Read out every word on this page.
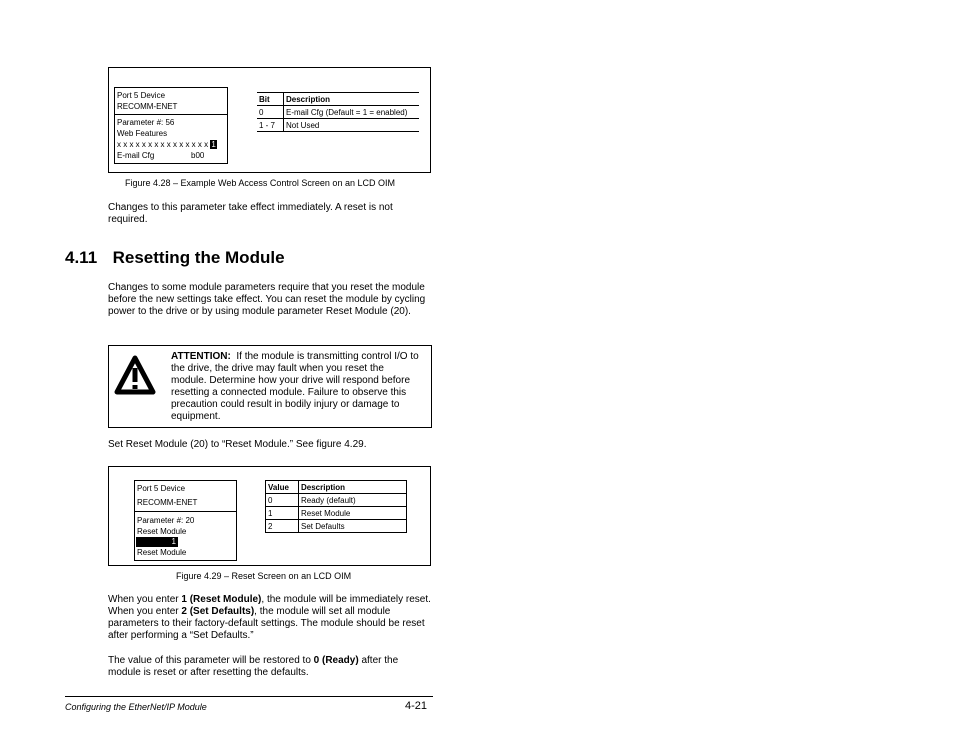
Port 5 Device
RECOMM-ENET
Parameter #: 56
Web Features
x x x x x x x x x x x x x x x 1
E-mail Cfg	b00
Bit	Description
0	E-mail Cfg (Default = 1 = enabled)
1 - 7	Not Used
Figure 4.28 – Example Web Access Control Screen on an LCD OIM
Changes to this parameter take effect immediately. A reset is not required.
4.11 Resetting the Module
Changes to some module parameters require that you reset the module before the new settings take effect. You can reset the module by cycling power to the drive or by using module parameter Reset Module (20).
ATTENTION: If the module is transmitting control I/O to the drive, the drive may fault when you reset the module. Determine how your drive will respond before resetting a connected module. Failure to observe this precaution could result in bodily injury or damage to equipment.
Set Reset Module (20) to “Reset Module.” See figure 4.29.
Port 5 Device
RECOMM-ENET
Parameter #: 20
Reset Module
1
Reset Module
Value	Description
0	Ready (default)
1	Reset Module
2	Set Defaults
Figure 4.29 – Reset Screen on an LCD OIM
When you enter 1 (Reset Module), the module will be immediately reset. When you enter 2 (Set Defaults), the module will set all module parameters to their factory-default settings. The module should be reset after performing a “Set Defaults.”
The value of this parameter will be restored to 0 (Ready) after the module is reset or after resetting the defaults.
Configuring the EtherNet/IP Module	4-21
